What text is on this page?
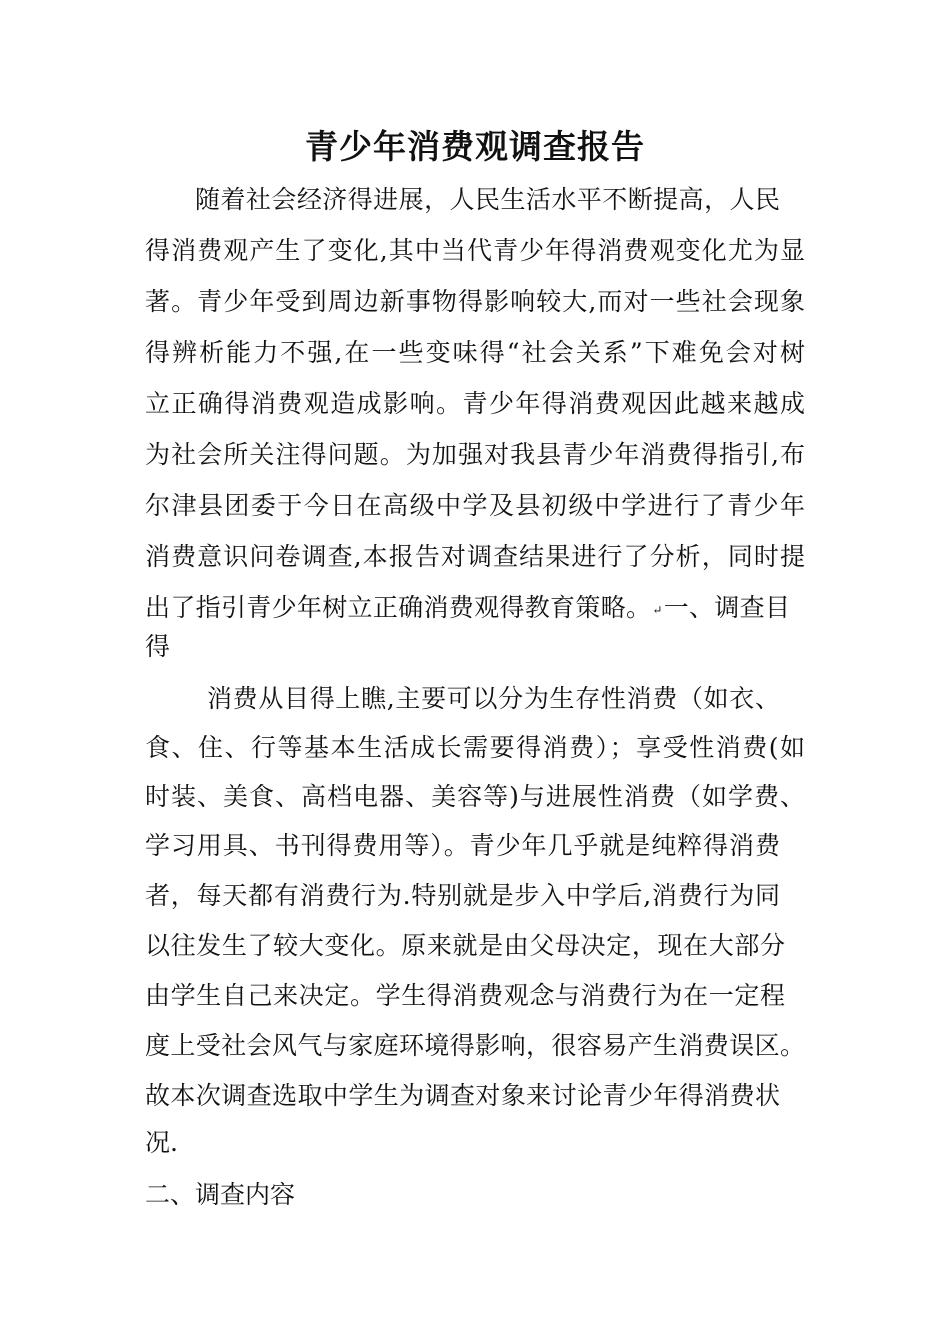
青少年消费观调查报告
随着社会经济得进展，人民生活水平不断提高，人民
得消费观产生了变化,其中当代青少年得消费观变化尤为显
著。青少年受到周边新事物得影响较大,而对一些社会现象
得辨析能力不强,在一些变味得“社会关系”下难免会对树
立正确得消费观造成影响。青少年得消费观因此越来越成
为社会所关注得问题。为加强对我县青少年消费得指引,布
尔津县团委于今日在高级中学及县初级中学进行了青少年
消费意识问卷调查,本报告对调查结果进行了分析，同时提
出了指引青少年树立正确消费观得教育策略。↵一、调查目
得
消费从目得上瞧,主要可以分为生存性消费（如衣、
食、住、行等基本生活成长需要得消费）；享受性消费(如
时装、美食、高档电器、美容等)与进展性消费（如学费、
学习用具、书刊得费用等）。青少年几乎就是纯粹得消费
者，每天都有消费行为.特别就是步入中学后,消费行为同
以往发生了较大变化。原来就是由父母决定，现在大部分
由学生自己来决定。学生得消费观念与消费行为在一定程
度上受社会风气与家庭环境得影响，很容易产生消费误区。
故本次调查选取中学生为调查对象来讨论青少年得消费状
况.
二、调查内容
